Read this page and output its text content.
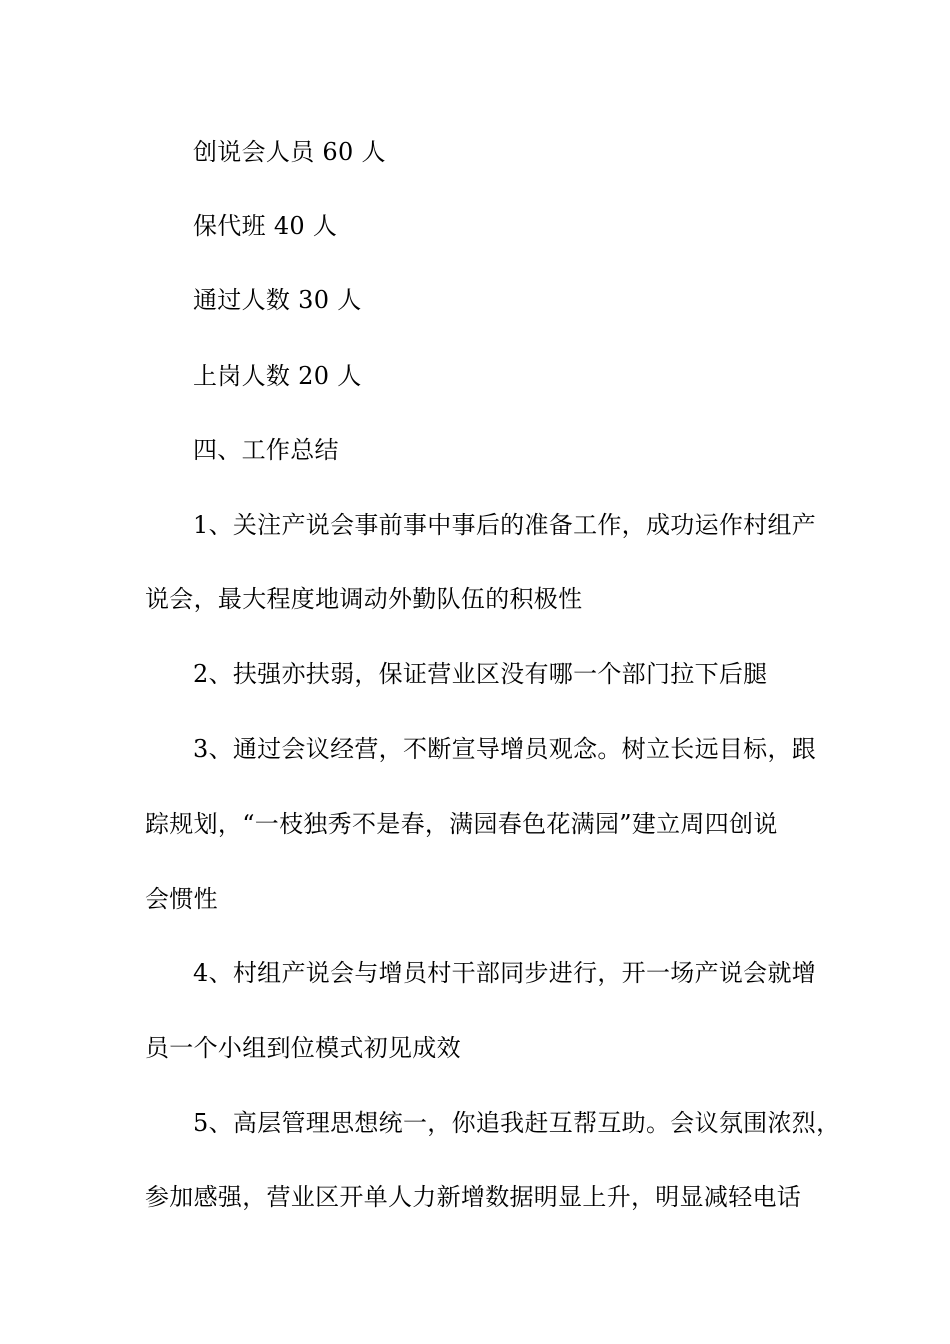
创说会人员 60 人
保代班 40 人
通过人数 30 人
上岗人数 20 人
四、工作总结
1、关注产说会事前事中事后的准备工作，成功运作村组产
说会，最大程度地调动外勤队伍的积极性
2、扶强亦扶弱，保证营业区没有哪一个部门拉下后腿
3、通过会议经营，不断宣导增员观念。树立长远目标，跟
踪规划，“一枝独秀不是春，满园春色花满园”建立周四创说
会惯性
4、村组产说会与增员村干部同步进行，开一场产说会就增
员一个小组到位模式初见成效
5、高层管理思想统一，你追我赶互帮互助。会议氛围浓烈，
参加感强，营业区开单人力新增数据明显上升，明显减轻电话
